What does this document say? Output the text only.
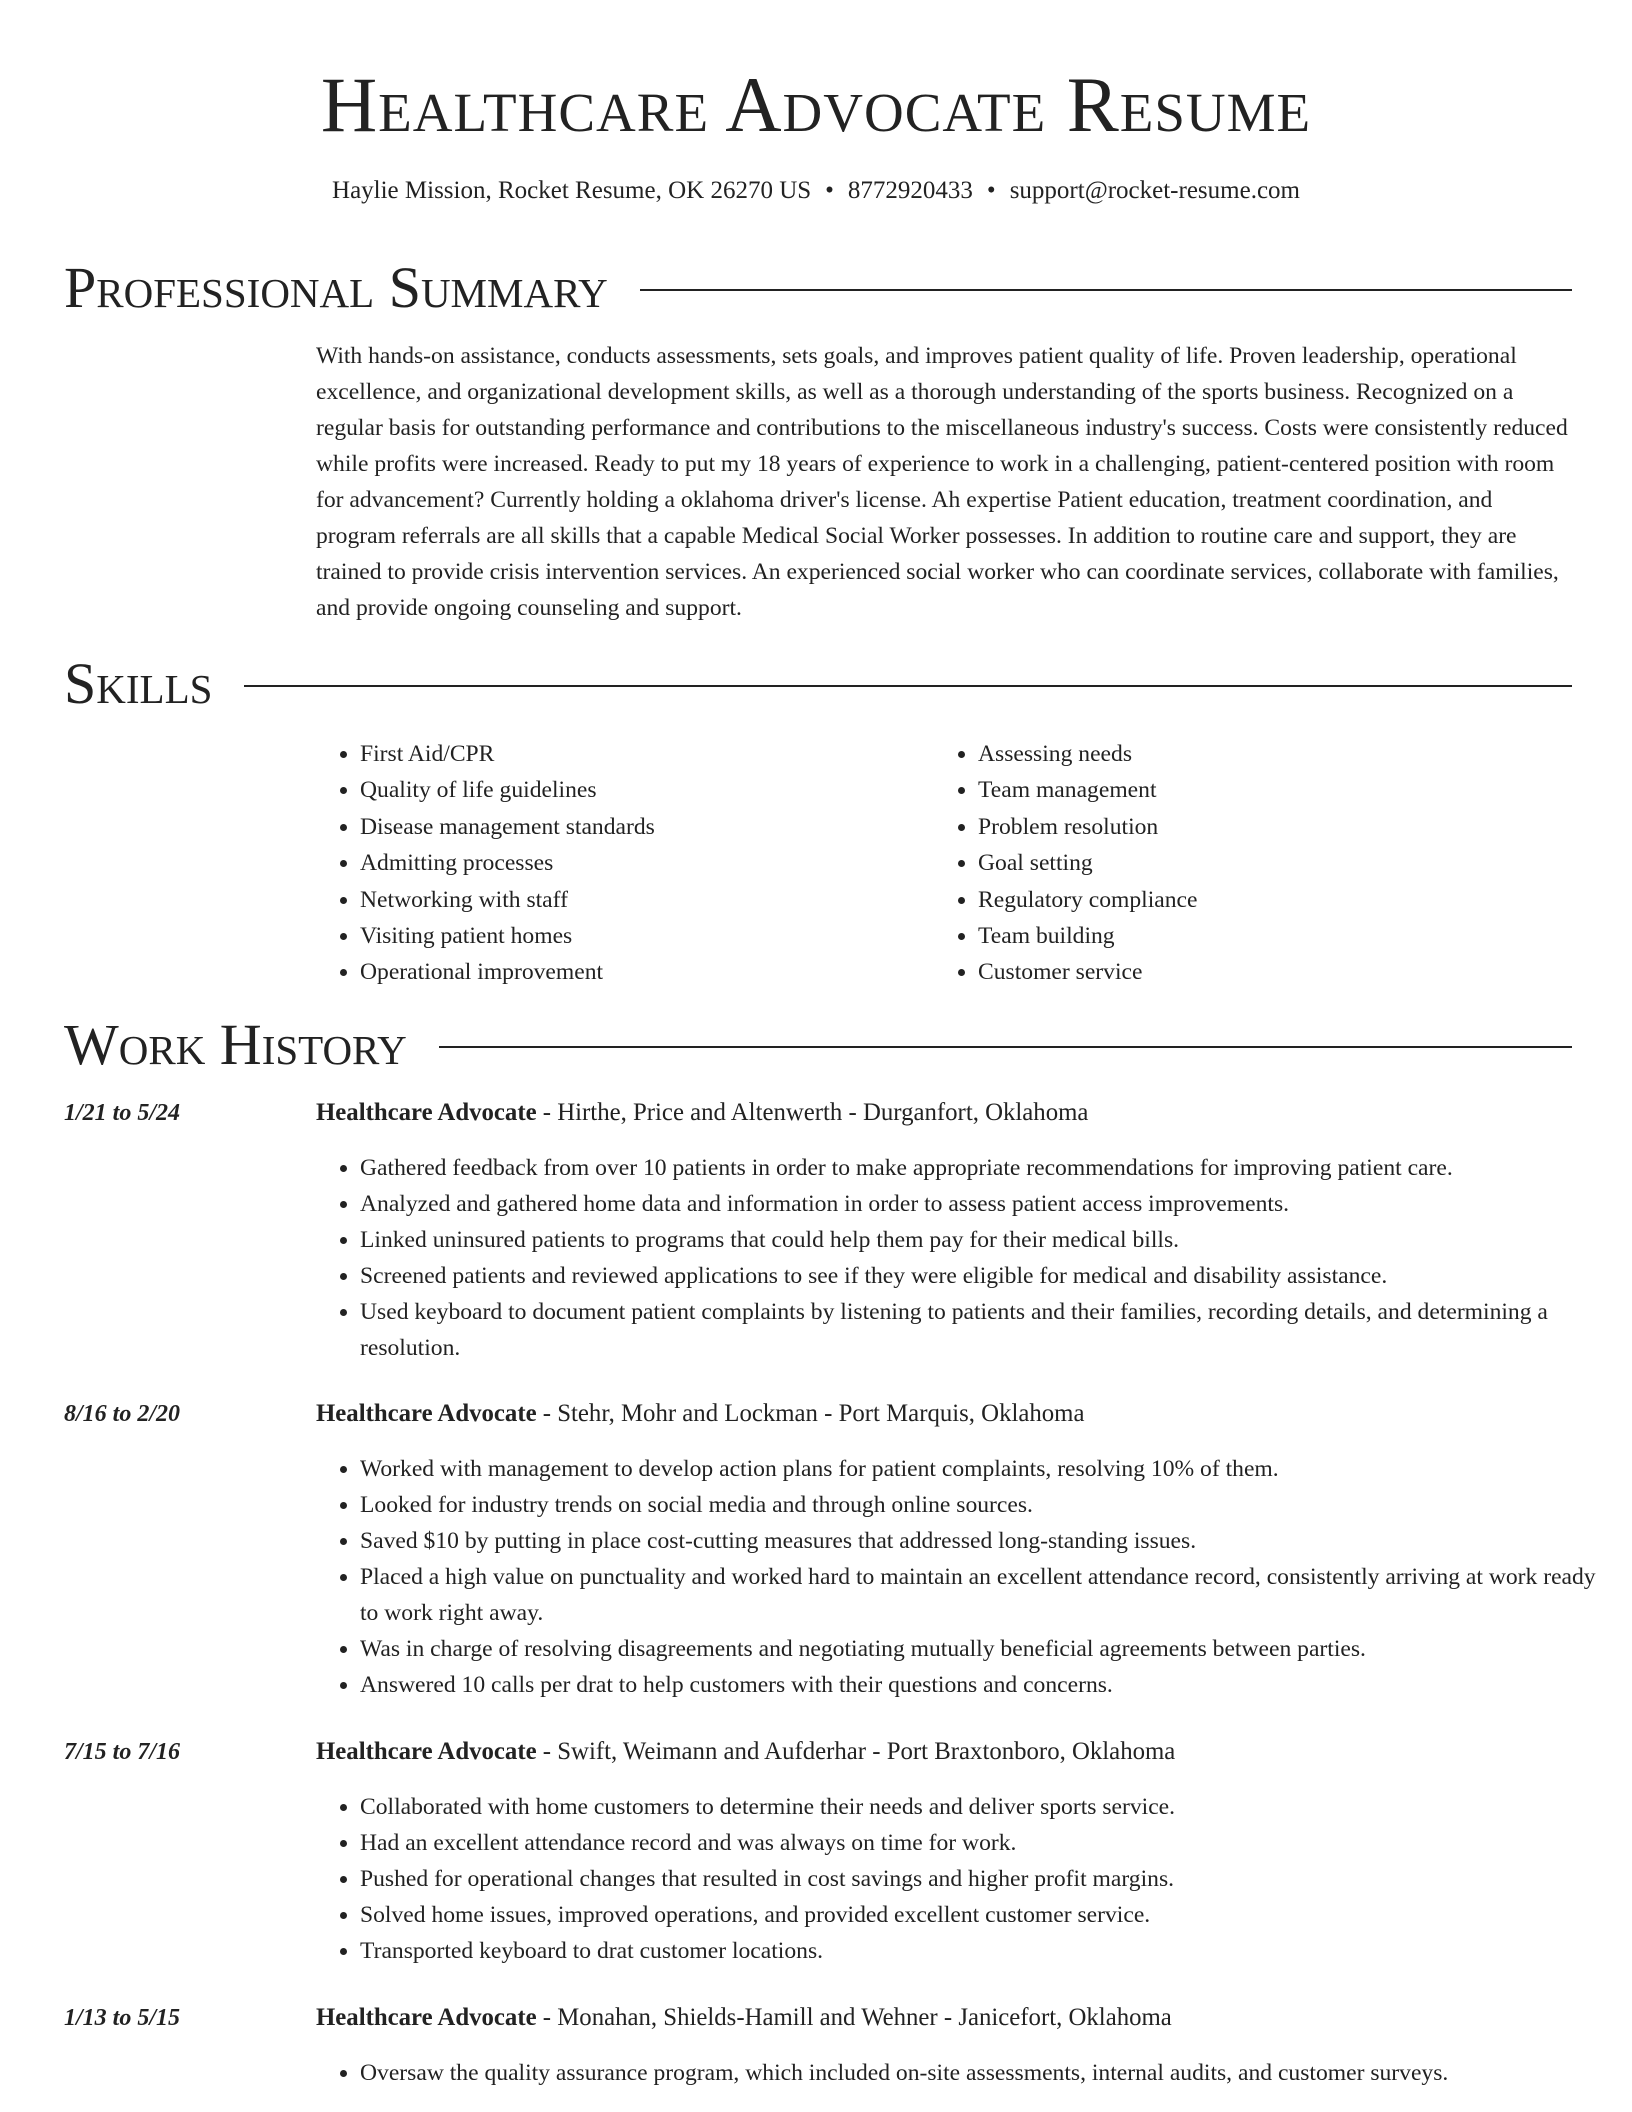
Healthcare Advocate Resume
Haylie Mission, Rocket Resume, OK 26270 US • 8772920433 • support@rocket-resume.com
Professional Summary

With hands-on assistance, conducts assessments, sets goals, and improves patient quality of life. Proven leadership, operational excellence, and organizational development skills, as well as a thorough understanding of the sports business. Recognized on a regular basis for outstanding performance and contributions to the miscellaneous industry's success. Costs were consistently reduced while profits were increased. Ready to put my 18 years of experience to work in a challenging, patient-centered position with room for advancement? Currently holding a oklahoma driver's license. Ah expertise Patient education, treatment coordination, and program referrals are all skills that a capable Medical Social Worker possesses. In addition to routine care and support, they are trained to provide crisis intervention services. An experienced social worker who can coordinate services, collaborate with families, and provide ongoing counseling and support.

Skills
• First Aid/CPR
• Quality of life guidelines
• Disease management standards
• Admitting processes
• Networking with staff
• Visiting patient homes
• Operational improvement
• Assessing needs
• Team management
• Problem resolution
• Goal setting
• Regulatory compliance
• Team building
• Customer service
Work History
1/21 to 5/24	Healthcare Advocate - Hirthe, Price and Altenwerth - Durganfort, Oklahoma
• Gathered feedback from over 10 patients in order to make appropriate recommendations for improving patient care.
• Analyzed and gathered home data and information in order to assess patient access improvements.
• Linked uninsured patients to programs that could help them pay for their medical bills.
• Screened patients and reviewed applications to see if they were eligible for medical and disability assistance.
• Used keyboard to document patient complaints by listening to patients and their families, recording details, and determining a resolution.
8/16 to 2/20	Healthcare Advocate - Stehr, Mohr and Lockman - Port Marquis, Oklahoma
• Worked with management to develop action plans for patient complaints, resolving 10% of them.
• Looked for industry trends on social media and through online sources.
• Saved $10 by putting in place cost-cutting measures that addressed long-standing issues.
• Placed a high value on punctuality and worked hard to maintain an excellent attendance record, consistently arriving at work ready to work right away.
• Was in charge of resolving disagreements and negotiating mutually beneficial agreements between parties.
• Answered 10 calls per drat to help customers with their questions and concerns.
7/15 to 7/16	Healthcare Advocate - Swift, Weimann and Aufderhar - Port Braxtonboro, Oklahoma
• Collaborated with home customers to determine their needs and deliver sports service.
• Had an excellent attendance record and was always on time for work.
• Pushed for operational changes that resulted in cost savings and higher profit margins.
• Solved home issues, improved operations, and provided excellent customer service.
• Transported keyboard to drat customer locations.
1/13 to 5/15	Healthcare Advocate - Monahan, Shields-Hamill and Wehner - Janicefort, Oklahoma
• Oversaw the quality assurance program, which included on-site assessments, internal audits, and customer surveys.
